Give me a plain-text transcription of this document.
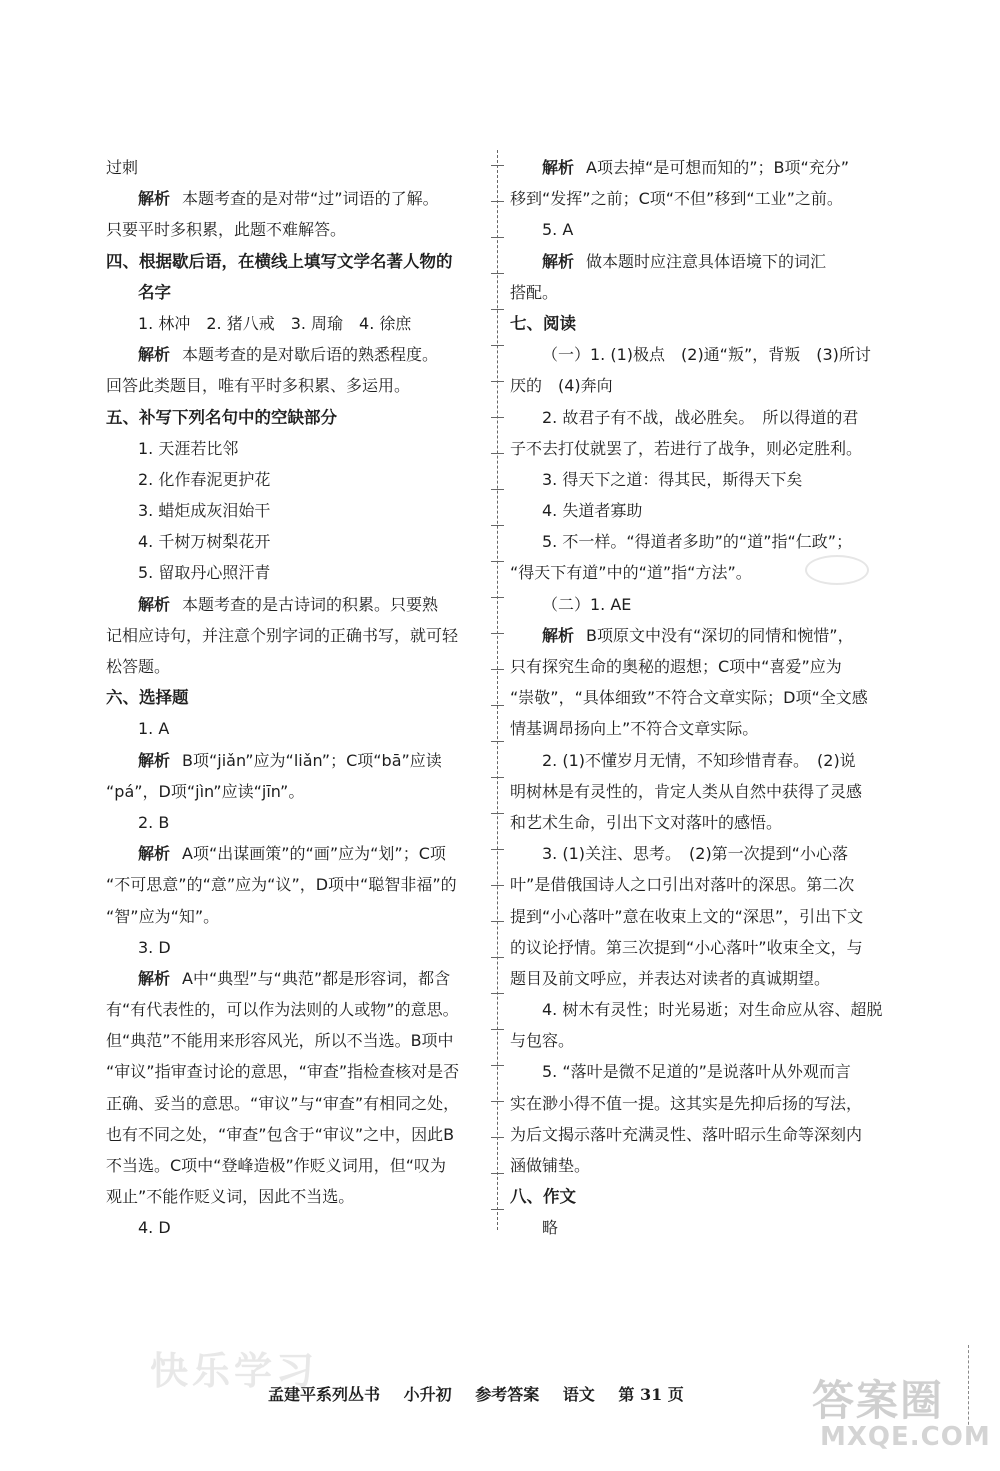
过刺
解析 本题考查的是对带“过”词语的了解。
只要平时多积累，此题不难解答。
四、根据歇后语，在横线上填写文学名著人物的
名字
1. 林冲　2. 猪八戒　3. 周瑜　4. 徐庶
解析 本题考查的是对歇后语的熟悉程度。
回答此类题目，唯有平时多积累、多运用。
五、补写下列名句中的空缺部分
1. 天涯若比邻
2. 化作春泥更护花
3. 蜡炬成灰泪始干
4. 千树万树梨花开
5. 留取丹心照汗青
解析 本题考查的是古诗词的积累。只要熟
记相应诗句，并注意个别字词的正确书写，就可轻
松答题。
六、选择题
1. A
解析 B项“jiǎn”应为“liǎn”；C项“bā”应读
“pá”，D项“jìn”应读“jīn”。
2. B
解析 A项“出谋画策”的“画”应为“划”；C项
“不可思意”的“意”应为“议”，D项中“聪智非福”的
“智”应为“知”。
3. D
解析 A中“典型”与“典范”都是形容词，都含
有“有代表性的，可以作为法则的人或物”的意思。
但“典范”不能用来形容风光，所以不当选。B项中
“审议”指审查讨论的意思，“审查”指检查核对是否
正确、妥当的意思。“审议”与“审查”有相同之处，
也有不同之处，“审查”包含于“审议”之中，因此B
不当选。C项中“登峰造极”作贬义词用，但“叹为
观止”不能作贬义词，因此不当选。
4. D
解析 A项去掉“是可想而知的”；B项“充分”
移到“发挥”之前；C项“不但”移到“工业”之前。
5. A
解析 做本题时应注意具体语境下的词汇
搭配。
七、阅读
（一）1. (1)极点　(2)通“叛”，背叛　(3)所讨
厌的　(4)奔向
2. 故君子有不战，战必胜矣。　所以得道的君
子不去打仗就罢了，若进行了战争，则必定胜利。
3. 得天下之道：得其民，斯得天下矣
4. 失道者寡助
5. 不一样。“得道者多助”的“道”指“仁政”；
“得天下有道”中的“道”指“方法”。
（二）1. AE
解析 B项原文中没有“深切的同情和惋惜”，
只有探究生命的奥秘的遐想；C项中“喜爱”应为
“崇敬”，“具体细致”不符合文章实际；D项“全文感
情基调昂扬向上”不符合文章实际。
2. (1)不懂岁月无情，不知珍惜青春。　(2)说
明树林是有灵性的，肯定人类从自然中获得了灵感
和艺术生命，引出下文对落叶的感悟。
3. (1)关注、思考。　(2)第一次提到“小心落
叶”是借俄国诗人之口引出对落叶的深思。第二次
提到“小心落叶”意在收束上文的“深思”，引出下文
的议论抒情。第三次提到“小心落叶”收束全文，与
题目及前文呼应，并表达对读者的真诚期望。
4. 树木有灵性；时光易逝；对生命应从容、超脱
与包容。
5. “落叶是微不足道的”是说落叶从外观而言
实在渺小得不值一提。这其实是先抑后扬的写法，
为后文揭示落叶充满灵性、落叶昭示生命等深刻内
涵做铺垫。
八、作文
略
快乐学习
孟建平系列丛书 小升初 参考答案 语文 第 31 页	答案圈
MXQE.COM
